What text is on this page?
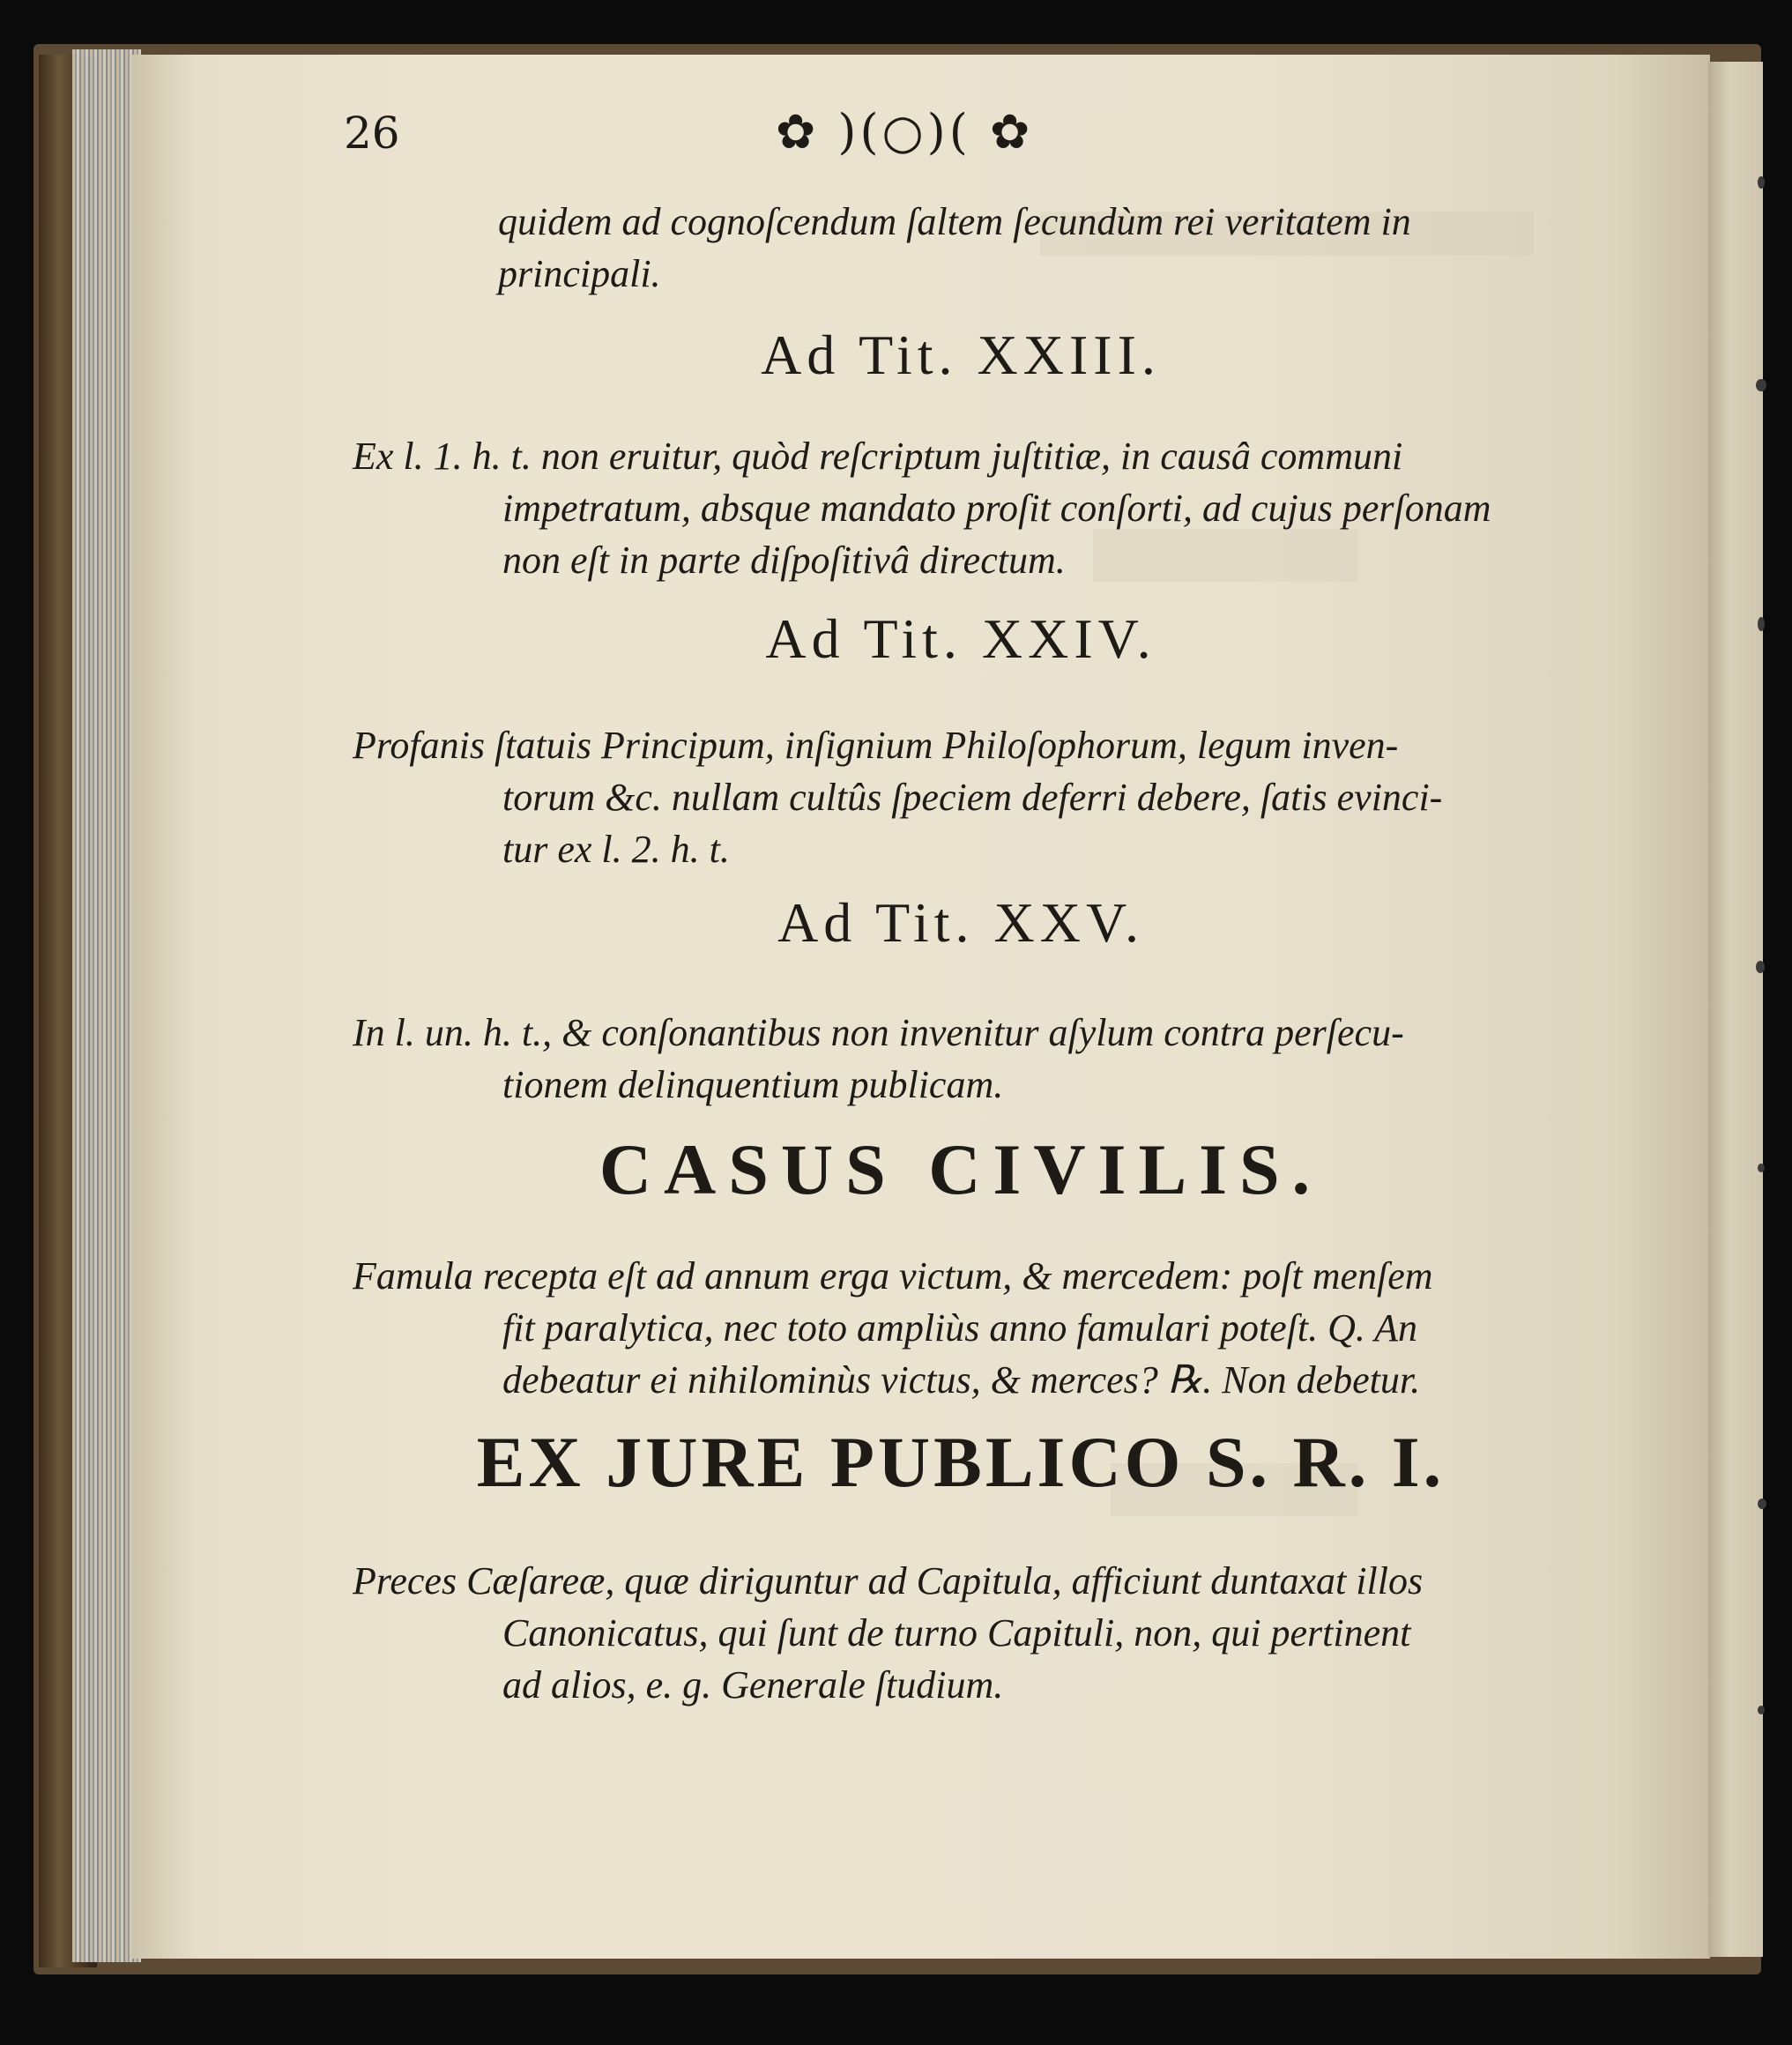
26	✿ )(○)( ✿

quidem ad cognoſcendum ſaltem ſecundùm rei veritatem in
principali.

Ad Tit. XXIII.

Ex l. 1. h. t. non eruitur, quòd reſcriptum juſtitiæ, in causâ communi
impetratum, absque mandato proſit conſorti, ad cujus perſonam
non eſt in parte diſpoſitivâ directum.

Ad Tit. XXIV.

Profanis ſtatuis Principum, inſignium Philoſophorum, legum inven-
torum &c. nullam cultûs ſpeciem deferri debere, ſatis evinci-
tur ex l. 2. h. t.

Ad Tit. XXV.

In l. un. h. t., & conſonantibus non invenitur aſylum contra perſecu-
tionem delinquentium publicam.

CASUS CIVILIS.

Famula recepta eſt ad annum erga victum, & mercedem: poſt menſem
fit paralytica, nec toto ampliùs anno famulari poteſt. Q. An
debeatur ei nihilominùs victus, & merces? ℞. Non debetur.

EX JURE PUBLICO S. R. I.

Preces Cæſareæ, quæ diriguntur ad Capitula, afficiunt duntaxat illos
Canonicatus, qui ſunt de turno Capituli, non, qui pertinent
ad alios, e. g. Generale ſtudium.
